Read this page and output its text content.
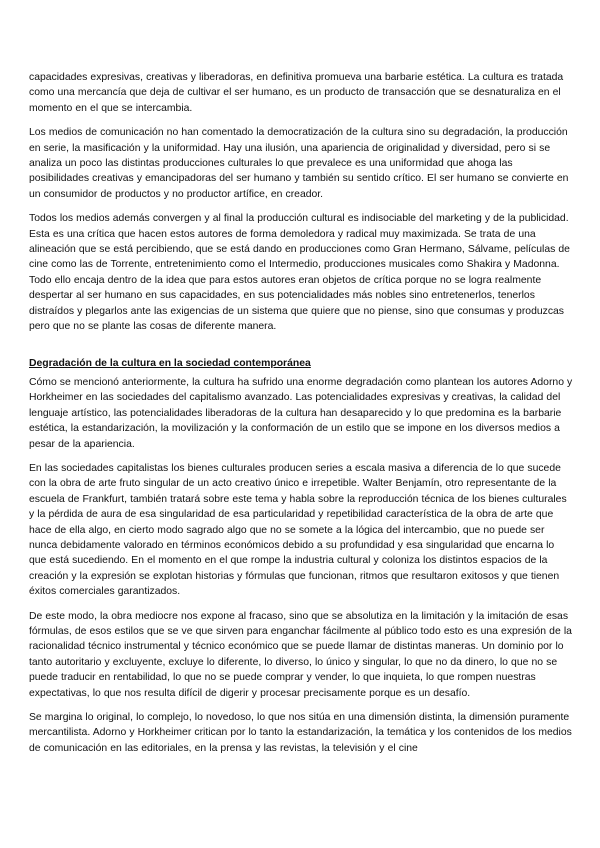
capacidades expresivas, creativas y liberadoras, en definitiva promueva una barbarie estética. La cultura es tratada como una mercancía que deja de cultivar el ser humano, es un producto de transacción que se desnaturaliza en el momento en el que se intercambia.

Los medios de comunicación no han comentado la democratización de la cultura sino su degradación, la producción en serie, la masificación y la uniformidad. Hay una ilusión, una apariencia de originalidad y diversidad, pero si se analiza un poco las distintas producciones culturales lo que prevalece es una uniformidad que ahoga las posibilidades creativas y emancipadoras del ser humano y también su sentido crítico. El ser humano se convierte en un consumidor de productos y no productor artífice, en creador.

Todos los medios además convergen y al final la producción cultural es indisociable del marketing y de la publicidad. Esta es una crítica que hacen estos autores de forma demoledora y radical muy maximizada. Se trata de una alineación que se está percibiendo, que se está dando en producciones como Gran Hermano, Sálvame, películas de cine como las de Torrente, entretenimiento como el Intermedio, producciones musicales como Shakira y Madonna. Todo ello encaja dentro de la idea que para estos autores eran objetos de crítica porque no se logra realmente despertar al ser humano en sus capacidades, en sus potencialidades más nobles sino entretenerlos, tenerlos distraídos y plegarlos ante las exigencias de un sistema que quiere que no piense, sino que consumas y produzcas pero que no se plante las cosas de diferente manera.

Degradación de la cultura en la sociedad contemporánea

Cómo se mencionó anteriormente, la cultura ha sufrido una enorme degradación como plantean los autores Adorno y Horkheimer en las sociedades del capitalismo avanzado. Las potencialidades expresivas y creativas, la calidad del lenguaje artístico, las potencialidades liberadoras de la cultura han desaparecido y lo que predomina es la barbarie estética, la estandarización, la movilización y la conformación de un estilo que se impone en los diversos medios a pesar de la apariencia.

En las sociedades capitalistas los bienes culturales producen series a escala masiva a diferencia de lo que sucede con la obra de arte fruto singular de un acto creativo único e irrepetible. Walter Benjamín, otro representante de la escuela de Frankfurt, también tratará sobre este tema y habla sobre la reproducción técnica de los bienes culturales y la pérdida de aura de esa singularidad de esa particularidad y repetibilidad característica de la obra de arte que hace de ella algo, en cierto modo sagrado algo que no se somete a la lógica del intercambio, que no puede ser nunca debidamente valorado en términos económicos debido a su profundidad y esa singularidad que encarna lo que está sucediendo. En el momento en el que rompe la industria cultural y coloniza los distintos espacios de la creación y la expresión se explotan historias y fórmulas que funcionan, ritmos que resultaron exitosos y que tienen éxitos comerciales garantizados.

De este modo, la obra mediocre nos expone al fracaso, sino que se absolutiza en la limitación y la imitación de esas fórmulas, de esos estilos que se ve que sirven para enganchar fácilmente al público todo esto es una expresión de la racionalidad técnico instrumental y técnico económico que se puede llamar de distintas maneras. Un dominio por lo tanto autoritario y excluyente, excluye lo diferente, lo diverso, lo único y singular, lo que no da dinero, lo que no se puede traducir en rentabilidad, lo que no se puede comprar y vender, lo que inquieta, lo que rompen nuestras expectativas, lo que nos resulta difícil de digerir y procesar precisamente porque es un desafío.

Se margina lo original, lo complejo, lo novedoso, lo que nos sitúa en una dimensión distinta, la dimensión puramente mercantilista. Adorno y Horkheimer critican por lo tanto la estandarización, la temática y los contenidos de los medios de comunicación en las editoriales, en la prensa y las revistas, la televisión y el cine
